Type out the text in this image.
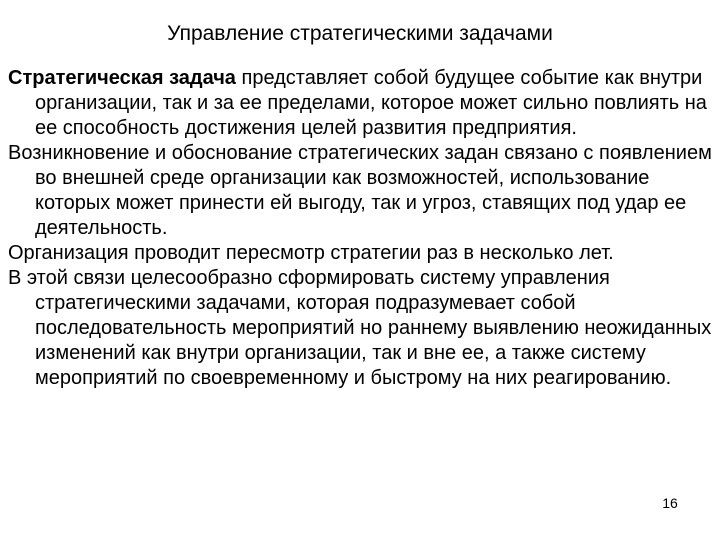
Управление стратегическими задачами

Стратегическая задача представляет собой будущее событие как внутри организации, так и за ее пределами, которое может сильно повлиять на ее способность достижения целей развития предприятия.

Возникновение и обоснование стратегических задан связано с появлением во внешней среде организации как возможностей, использование которых может принести ей выгоду, так и угроз, ставящих под удар ее деятельность.

Организация проводит пересмотр стратегии раз в несколько лет.

В этой связи целесообразно сформировать систему управления стратегическими задачами, которая подразумевает собой последовательность мероприятий но раннему выявлению неожиданных изменений как внутри организации, так и вне ее, а также систему мероприятий по своевременному и быстрому на них реагированию.

16
